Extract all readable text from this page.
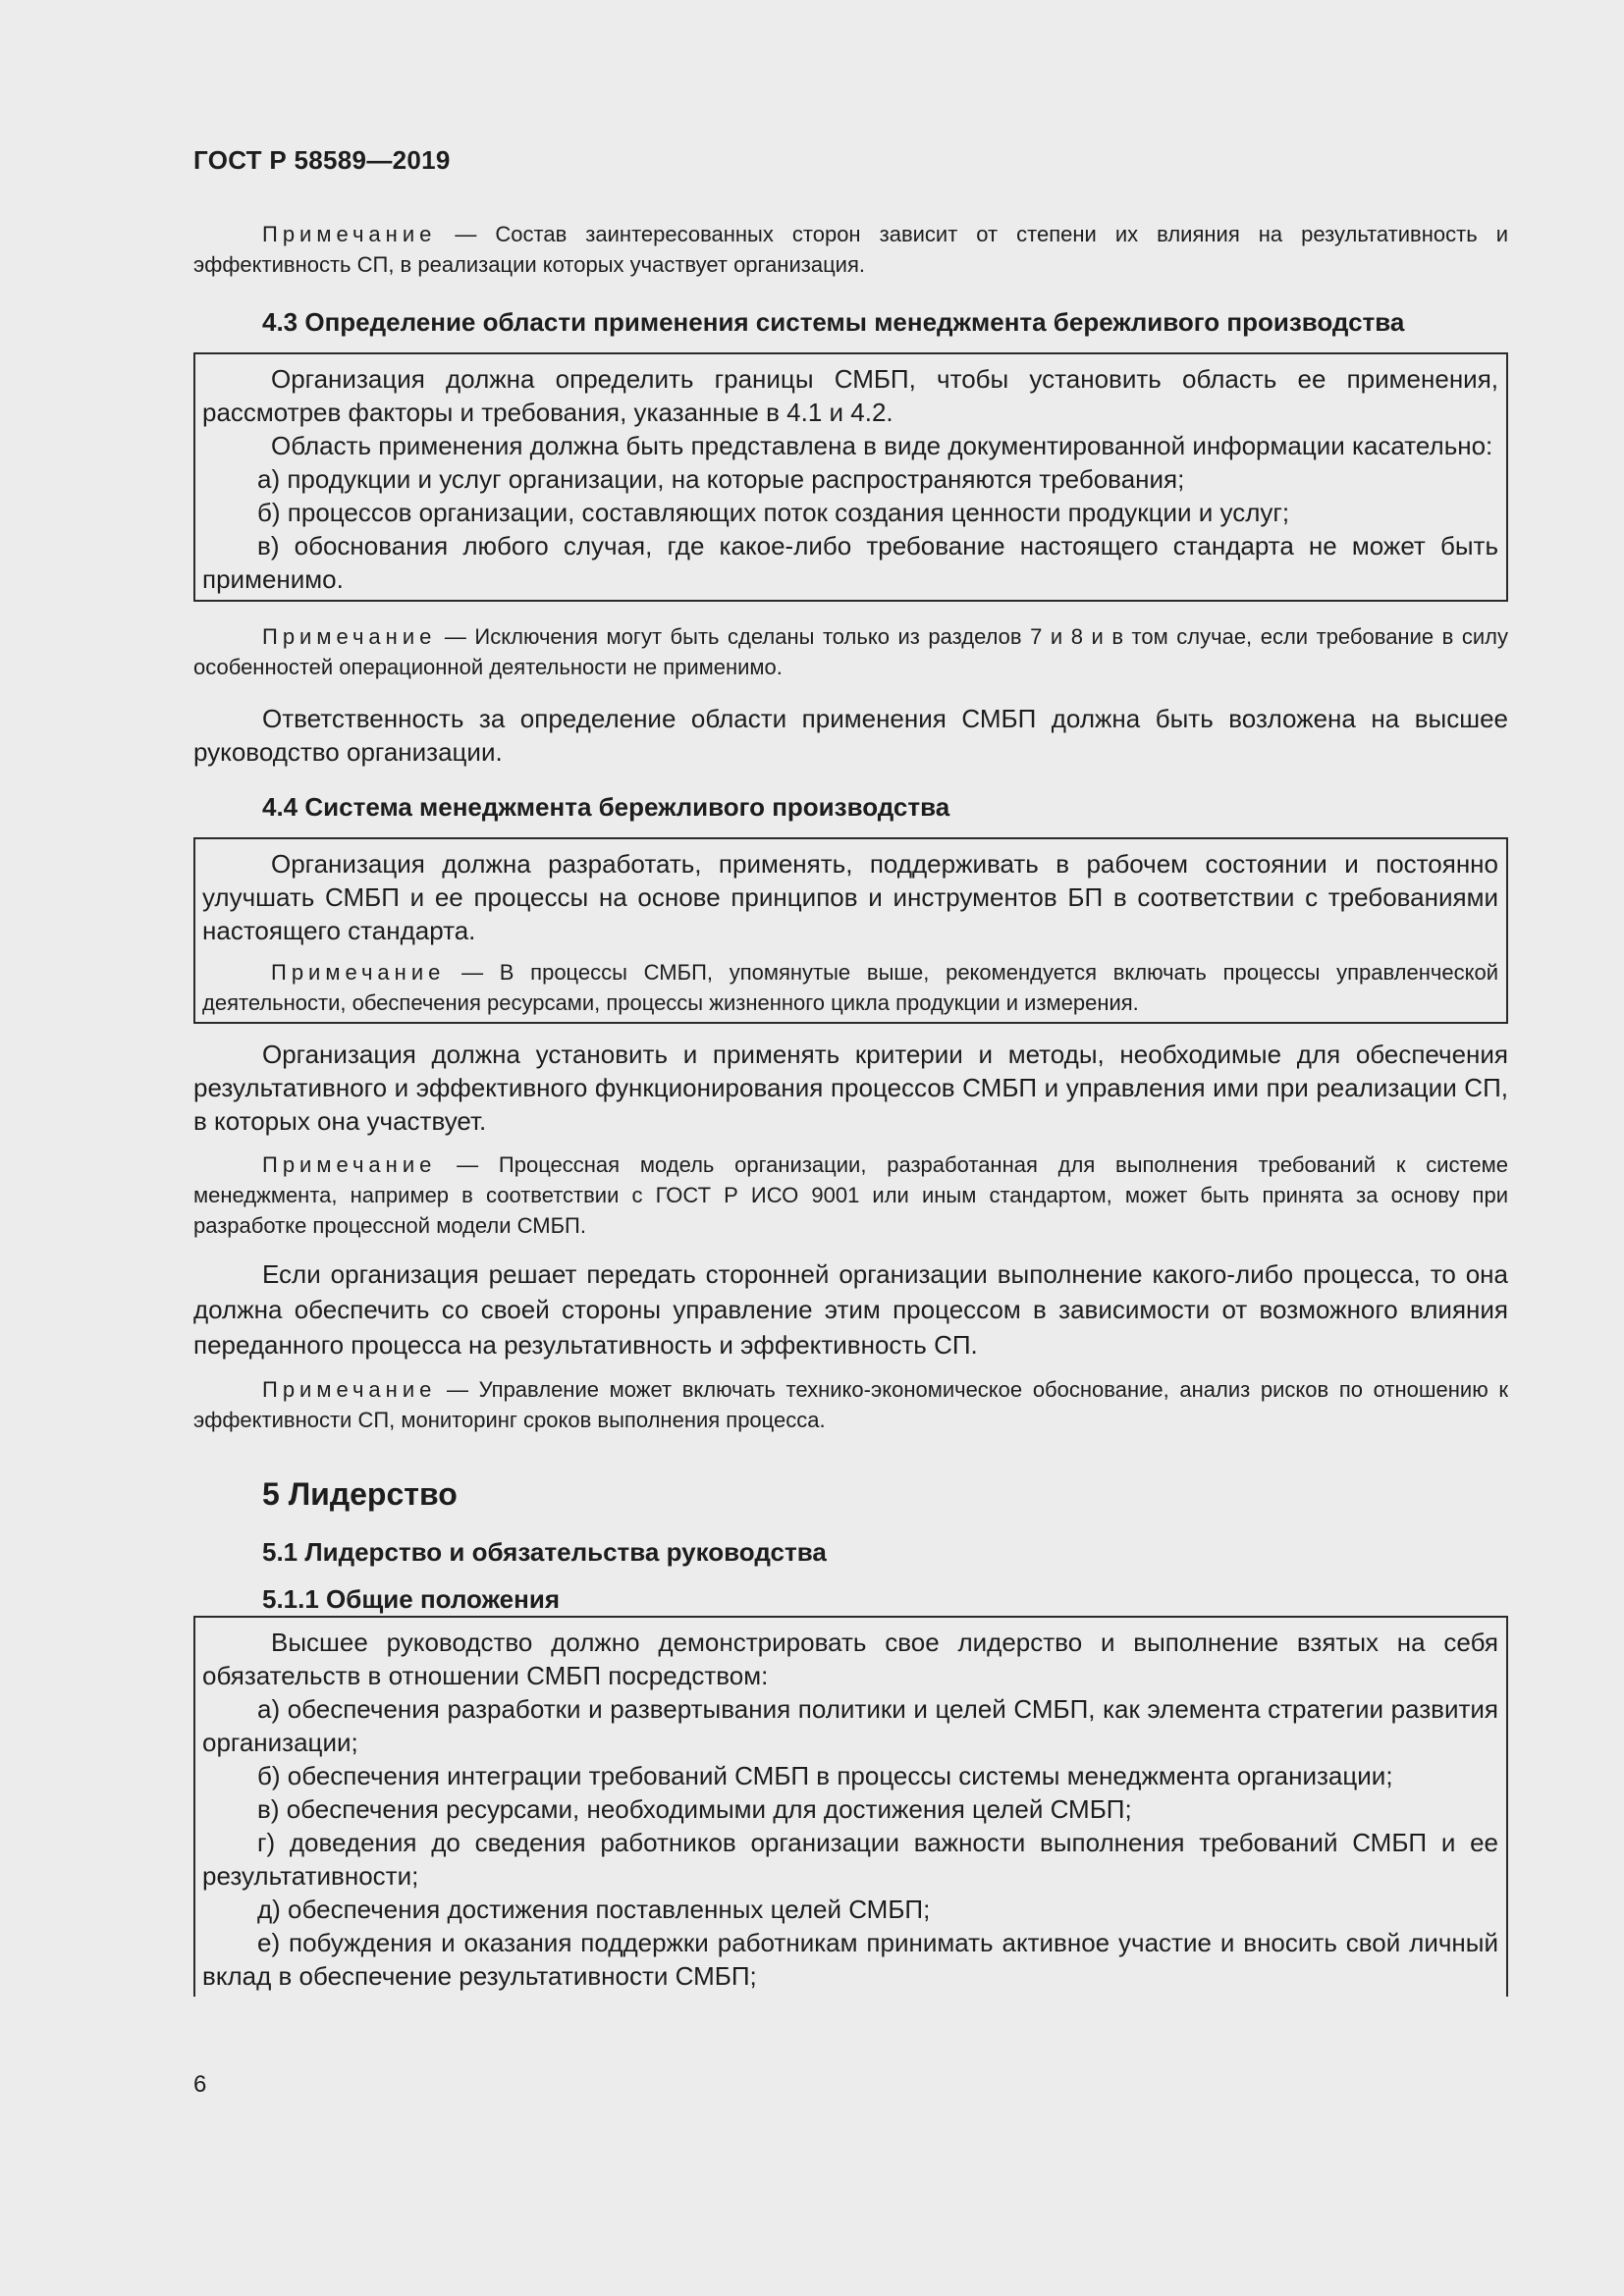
ГОСТ Р 58589—2019

Примечание — Состав заинтересованных сторон зависит от степени их влияния на результативность и эффективность СП, в реализации которых участвует организация.

4.3 Определение области применения системы менеджмента бережливого производства

Организация должна определить границы СМБП, чтобы установить область ее применения, рассмотрев факторы и требования, указанные в 4.1 и 4.2.

Область применения должна быть представлена в виде документированной информации касательно:

а) продукции и услуг организации, на которые распространяются требования;

б) процессов организации, составляющих поток создания ценности продукции и услуг;

в) обоснования любого случая, где какое-либо требование настоящего стандарта не может быть применимо.

Примечание — Исключения могут быть сделаны только из разделов 7 и 8 и в том случае, если требование в силу особенностей операционной деятельности не применимо.

Ответственность за определение области применения СМБП должна быть возложена на высшее руководство организации.

4.4 Система менеджмента бережливого производства

Организация должна разработать, применять, поддерживать в рабочем состоянии и постоянно улучшать СМБП и ее процессы на основе принципов и инструментов БП в соответствии с требованиями настоящего стандарта.

Примечание — В процессы СМБП, упомянутые выше, рекомендуется включать процессы управленческой деятельности, обеспечения ресурсами, процессы жизненного цикла продукции и измерения.

Организация должна установить и применять критерии и методы, необходимые для обеспечения результативного и эффективного функционирования процессов СМБП и управления ими при реализации СП, в которых она участвует.

Примечание — Процессная модель организации, разработанная для выполнения требований к системе менеджмента, например в соответствии с ГОСТ Р ИСО 9001 или иным стандартом, может быть принята за основу при разработке процессной модели СМБП.

Если организация решает передать сторонней организации выполнение какого-либо процесса, то она должна обеспечить со своей стороны управление этим процессом в зависимости от возможного влияния переданного процесса на результативность и эффективность СП.

Примечание — Управление может включать технико-экономическое обоснование, анализ рисков по отношению к эффективности СП, мониторинг сроков выполнения процесса.

5 Лидерство
5.1 Лидерство и обязательства руководства
5.1.1 Общие положения

Высшее руководство должно демонстрировать свое лидерство и выполнение взятых на себя обязательств в отношении СМБП посредством:

а) обеспечения разработки и развертывания политики и целей СМБП, как элемента стратегии развития организации;

б) обеспечения интеграции требований СМБП в процессы системы менеджмента организации;

в) обеспечения ресурсами, необходимыми для достижения целей СМБП;

г) доведения до сведения работников организации важности выполнения требований СМБП и ее результативности;

д) обеспечения достижения поставленных целей СМБП;

е) побуждения и оказания поддержки работникам принимать активное участие и вносить свой личный вклад в обеспечение результативности СМБП;

6
